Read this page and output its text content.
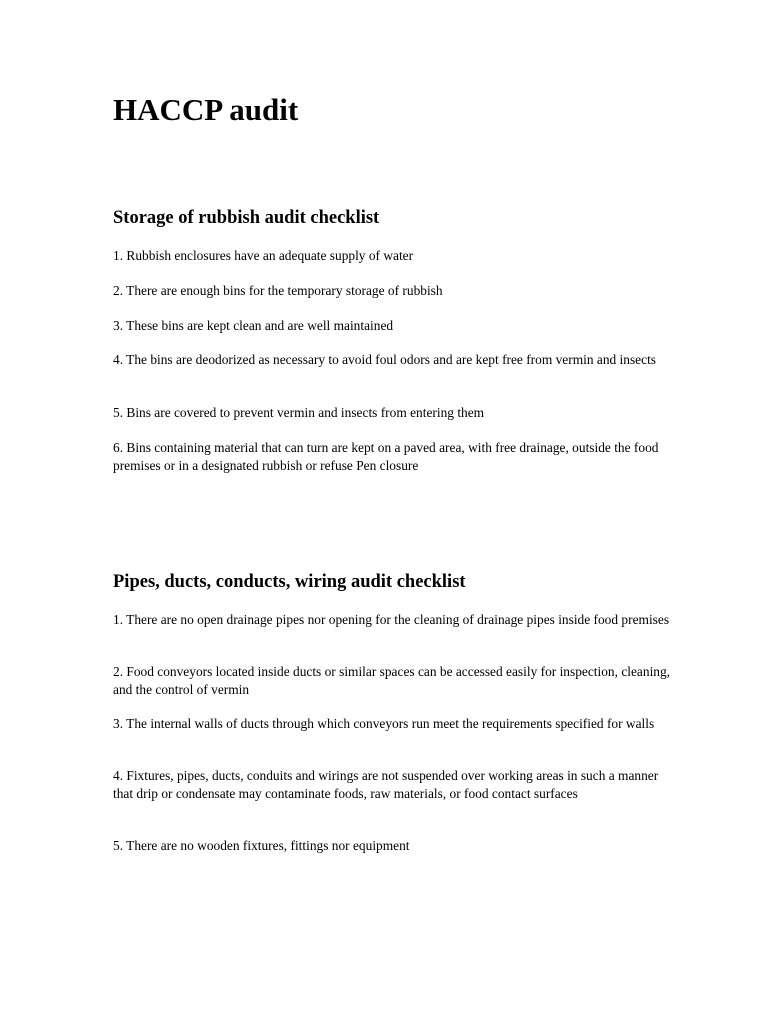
HACCP audit
Storage of rubbish audit checklist

1. Rubbish enclosures have an adequate supply of water

2. There are enough bins for the temporary storage of rubbish

3. These bins are kept clean and are well maintained

4. The bins are deodorized as necessary to avoid foul odors and are kept free from vermin and insects

5. Bins are covered to prevent vermin and insects from entering them

6. Bins containing material that can turn are kept on a paved area, with free drainage, outside the food premises or in a designated rubbish or refuse Pen closure

Pipes, ducts, conducts, wiring audit checklist

1. There are no open drainage pipes nor opening for the cleaning of drainage pipes inside food premises

2. Food conveyors located inside ducts or similar spaces can be accessed easily for inspection, cleaning, and the control of vermin

3. The internal walls of ducts through which conveyors run meet the requirements specified for walls

4. Fixtures, pipes, ducts, conduits and wirings are not suspended over working areas in such a manner that drip or condensate may contaminate foods, raw materials, or food contact surfaces

5. There are no wooden fixtures, fittings nor equipment
